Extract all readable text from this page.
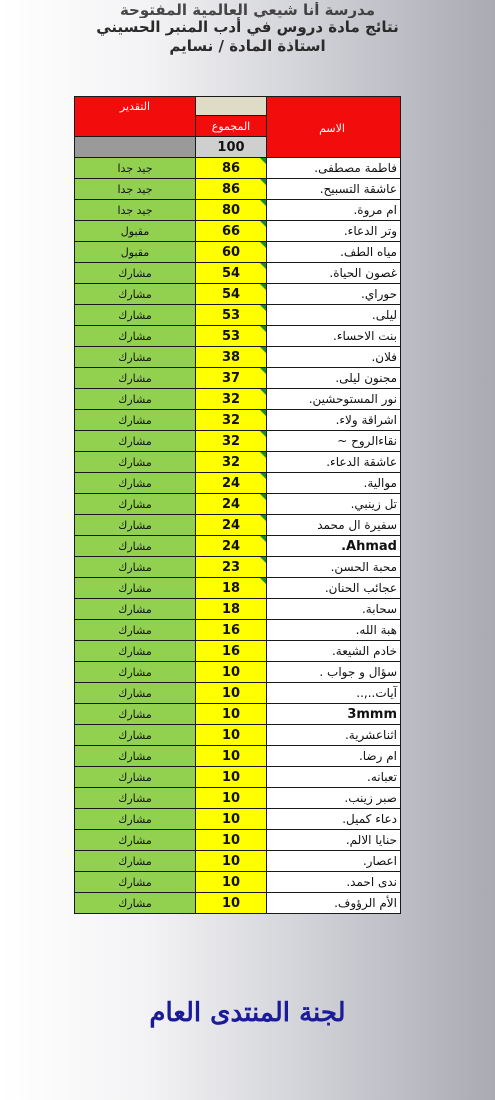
مدرسة أنا شيعي العالمية المفتوحة
نتائج مادة دروس في أدب المنبر الحسيني
استاذة المادة / نسايم
التقدير		الاسم
	المجموع	
	100	
جيد جدا	86	فاطمة مصطفى.
جيد جدا	86	عاشقة التسبيح.
جيد جدا	80	ام مروة.
مقبول	66	وتر الدعاء.
مقبول	60	مياه الطف.
مشارك	54	غصون الحياة.
مشارك	54	حوراي.
مشارك	53	ليلى.
مشارك	53	بنت الاحساء.
مشارك	38	فلان.
مشارك	37	مجنون ليلى.
مشارك	32	نور المستوحشين.
مشارك	32	اشراقة ولاء.
مشارك	32	نقاءالروح ~
مشارك	32	عاشقة الدعاء.
مشارك	24	موالية.
مشارك	24	تل زينبي.
مشارك	24	سفيرة ال محمد
مشارك	24	Ahmad.
مشارك	23	محبة الحسن.
مشارك	18	عجائب الحنان.
مشارك	18	سحابة.
مشارك	16	هبة الله.
مشارك	16	خادم الشيعة.
مشارك	10	سؤال و جواب .
مشارك	10	آيات..,..
مشارك	10	3mmm
مشارك	10	اثناعشرية.
مشارك	10	ام رضا.
مشارك	10	تعبانه.
مشارك	10	صبر زينب.
مشارك	10	دعاء كميل.
مشارك	10	حنايا الالم.
مشارك	10	اعصار.
مشارك	10	ندى احمد.
مشارك	10	الأم الرؤوف.
لجنة المنتدى العام
